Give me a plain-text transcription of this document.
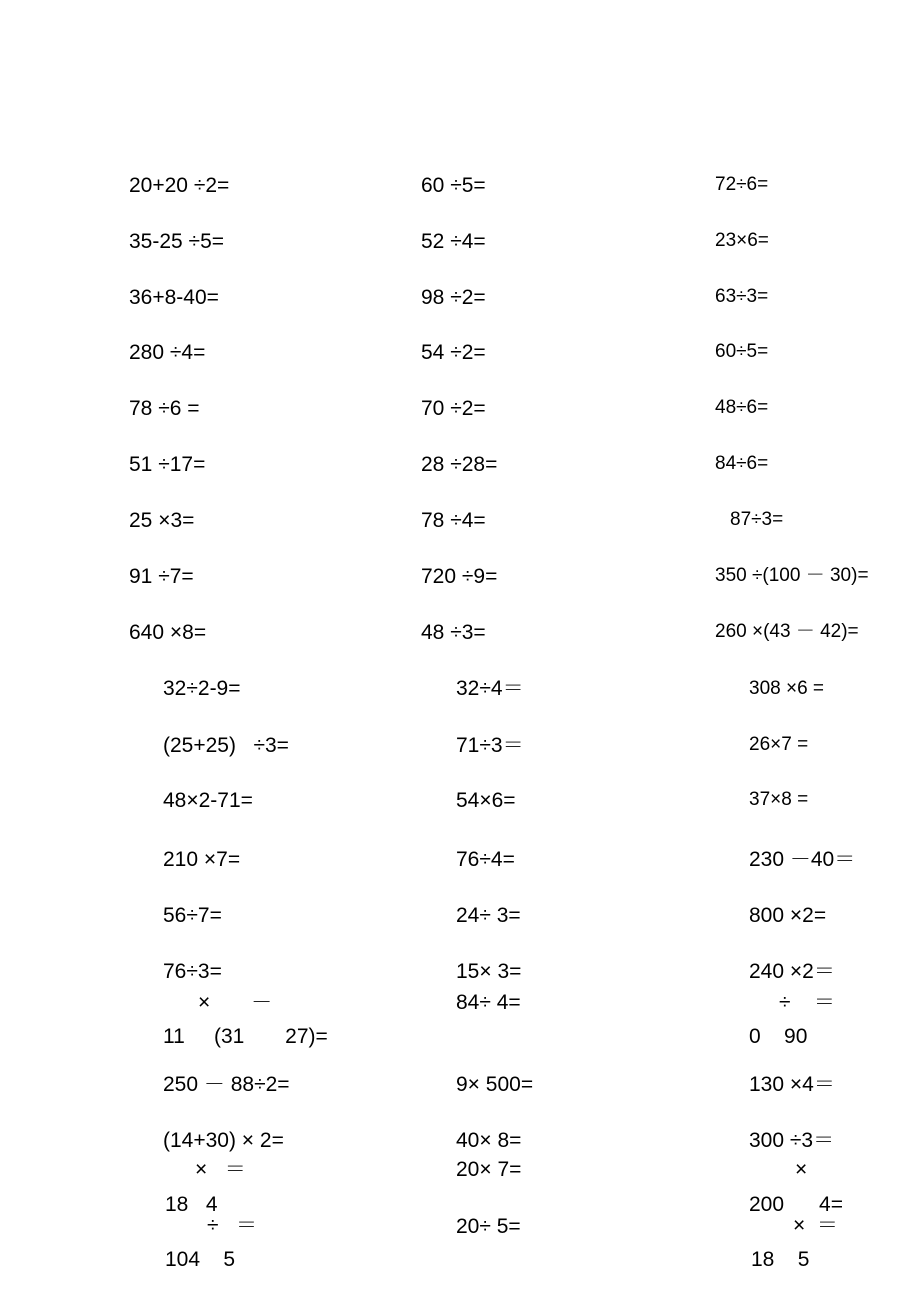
20+20 ÷2=
35-25 ÷5=
36+8-40=
280 ÷4=
78 ÷6 =
51 ÷17=
25 ×3=
91 ÷7=
640 ×8=
60 ÷5=
52 ÷4=
98 ÷2=
54 ÷2=
70 ÷2=
28 ÷28=
78 ÷4=
720 ÷9=
48 ÷3=
72÷6=
23×6=
63÷3=
60÷5=
48÷6=
84÷6=
87÷3=
350 ÷(100 － 30)=
260 ×(43 － 42)=
32÷2-9=
(25+25)   ÷3=
48×2-71=
210 ×7=
56÷7=
76÷3=
×       －
11     (31       27)=
250 － 88÷2=
(14+30) × 2=
×   ＝
18   4
÷   ＝
104    5
32÷4＝
71÷3＝
54×6=
76÷4=
24÷ 3=
15× 3=
84÷ 4=
9× 500=
40× 8=
20× 7=
20÷ 5=
308 ×6 =
26×7 =
37×8 =
230 －40＝
800 ×2=
240 ×2＝
÷    ＝
0    90
130 ×4＝
300 ÷3＝
×
200      4=
×  ＝
18    5
